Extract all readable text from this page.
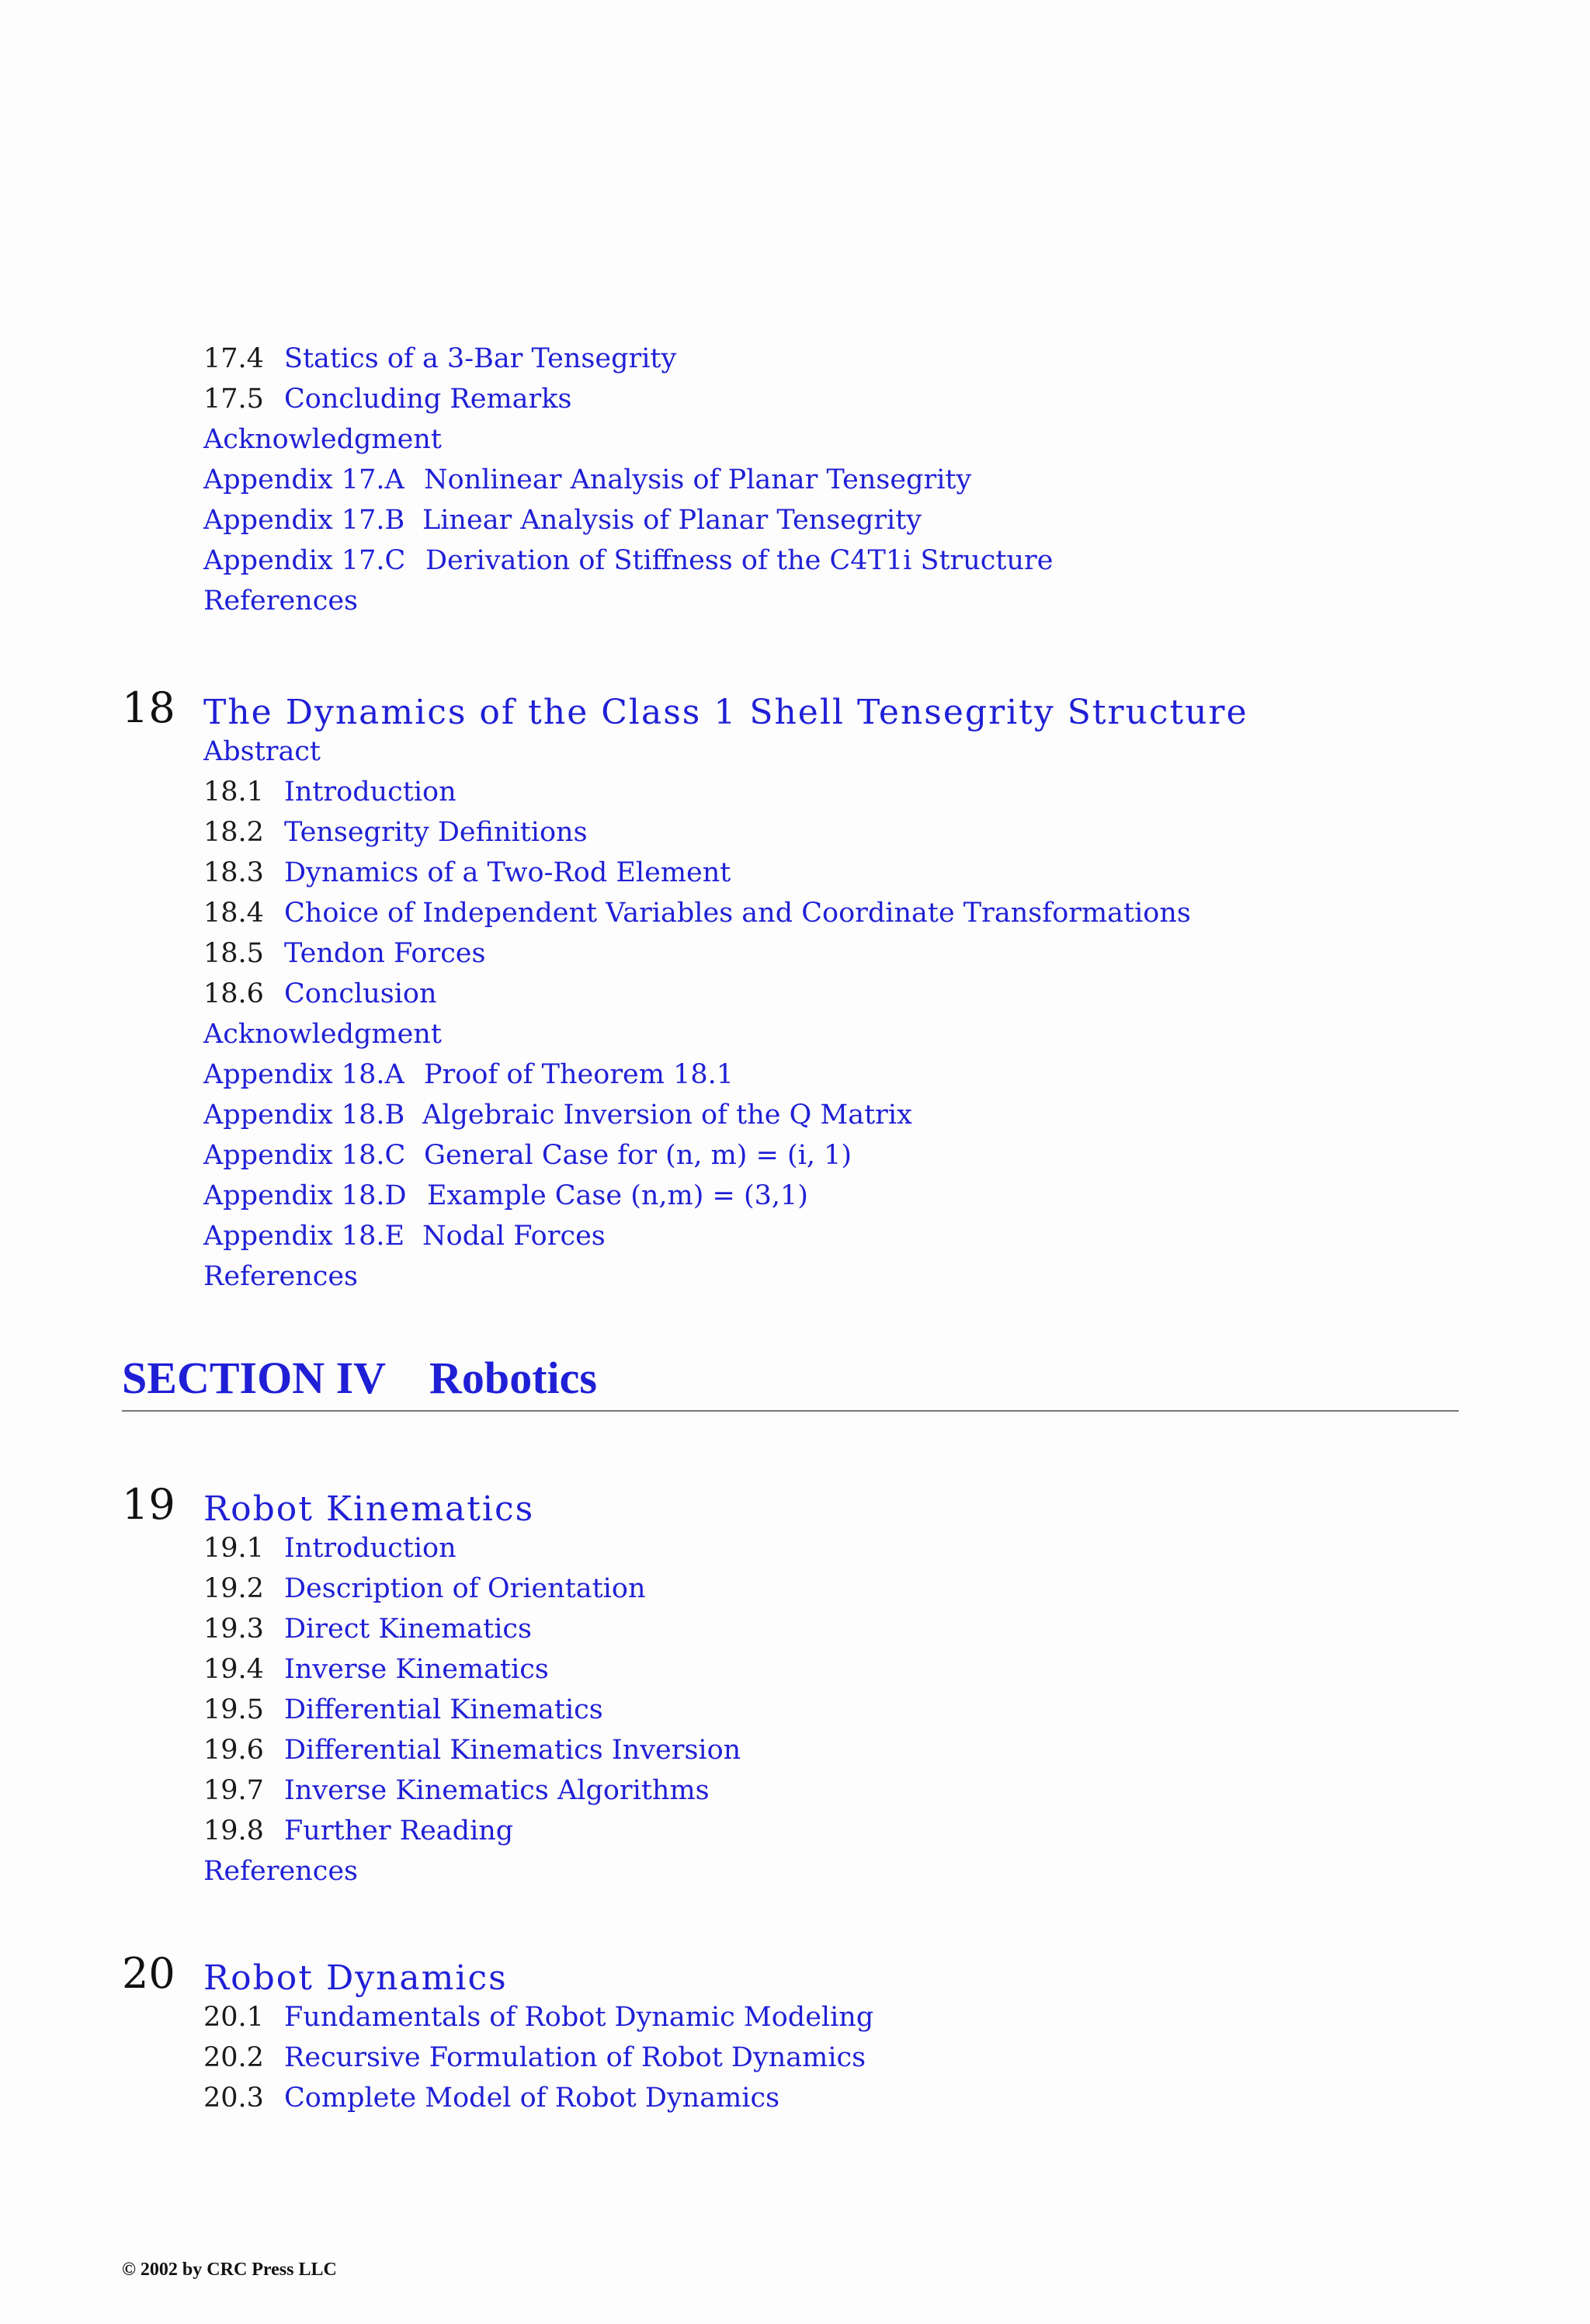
17.4 Statics of a 3-Bar Tensegrity
17.5 Concluding Remarks
Acknowledgment
Appendix 17.A Nonlinear Analysis of Planar Tensegrity
Appendix 17.B Linear Analysis of Planar Tensegrity
Appendix 17.C Derivation of Stiffness of the C4T1i Structure
References
18 The Dynamics of the Class 1 Shell Tensegrity Structure
Abstract
18.1 Introduction
18.2 Tensegrity Definitions
18.3 Dynamics of a Two-Rod Element
18.4 Choice of Independent Variables and Coordinate Transformations
18.5 Tendon Forces
18.6 Conclusion
Acknowledgment
Appendix 18.A Proof of Theorem 18.1
Appendix 18.B Algebraic Inversion of the Q Matrix
Appendix 18.C General Case for (n, m) = (i, 1)
Appendix 18.D Example Case (n,m) = (3,1)
Appendix 18.E Nodal Forces
References
SECTION IV Robotics
19 Robot Kinematics
19.1 Introduction
19.2 Description of Orientation
19.3 Direct Kinematics
19.4 Inverse Kinematics
19.5 Differential Kinematics
19.6 Differential Kinematics Inversion
19.7 Inverse Kinematics Algorithms
19.8 Further Reading
References
20 Robot Dynamics
20.1 Fundamentals of Robot Dynamic Modeling
20.2 Recursive Formulation of Robot Dynamics
20.3 Complete Model of Robot Dynamics
© 2002 by CRC Press LLC
